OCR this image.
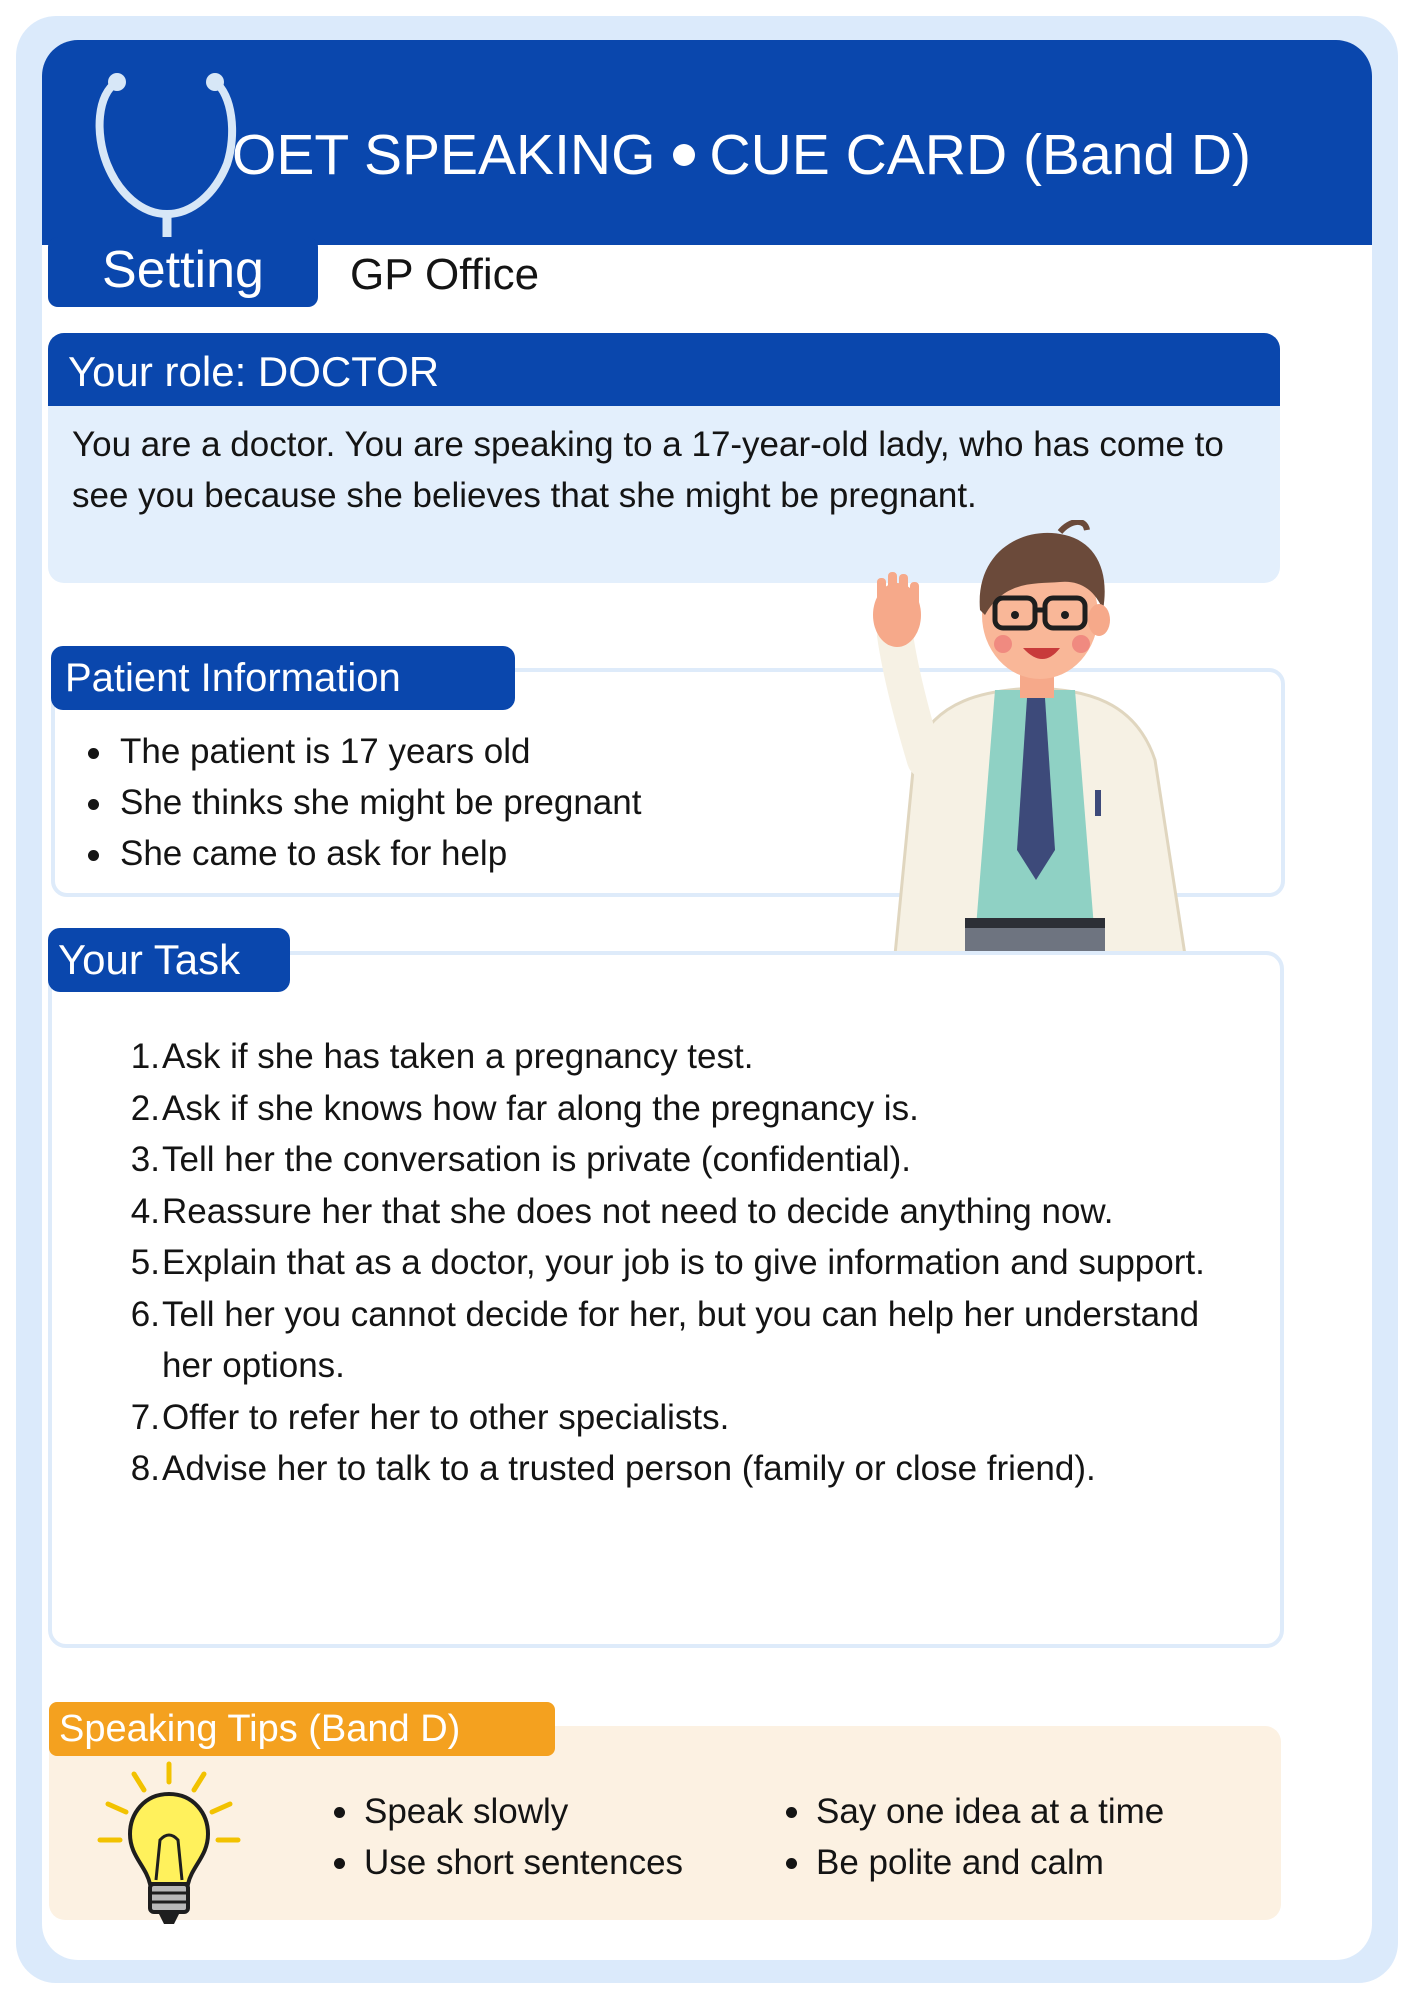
OET SPEAKING CUE CARD (Band D)
Setting	GP Office
Your role: DOCTOR
You are a doctor. You are speaking to a 17-year-old lady, who has come to see you because she believes that she might be pregnant.
Patient Information
The patient is 17 years old
She thinks she might be pregnant
She came to ask for help
Your Task
1. Ask if she has taken a pregnancy test.
2. Ask if she knows how far along the pregnancy is.
3. Tell her the conversation is private (confidential).
4. Reassure her that she does not need to decide anything now.
5. Explain that as a doctor, your job is to give information and support.
6. Tell her you cannot decide for her, but you can help her understand her options.
7. Offer to refer her to other specialists.
8. Advise her to talk to a trusted person (family or close friend).
Speaking Tips (Band D)
Speak slowly
Use short sentences
Say one idea at a time
Be polite and calm
